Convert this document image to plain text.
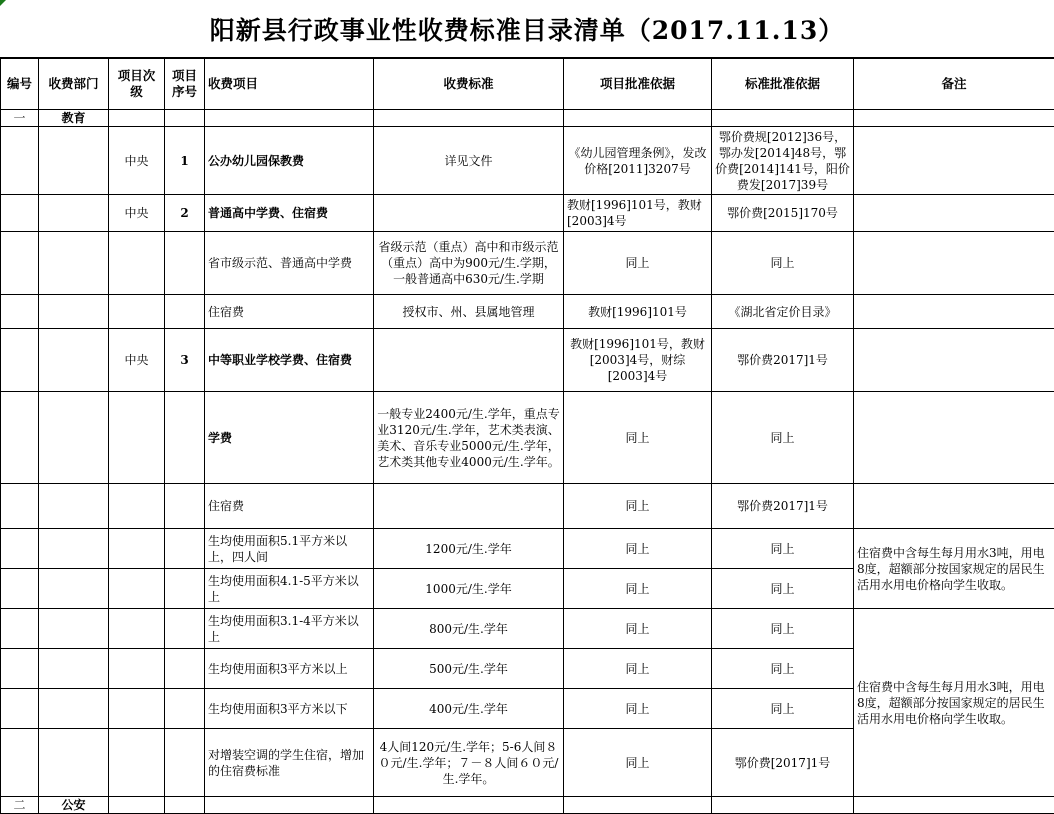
阳新县行政事业性收费标准目录清单（2017.11.13）
编号	收费部门	项目次级	项目序号	收费项目	收费标准	项目批准依据	标准批准依据	备注
一	教育							
		中央	1	公办幼儿园保教费	详见文件	《幼儿园管理条例》，发改价格[2011]3207号	鄂价费规[2012]36号，鄂办发[2014]48号，鄂价费[2014]141号，阳价费发[2017]39号	
		中央	2	普通高中学费、住宿费		教财[1996]101号，教财[2003]4号	鄂价费[2015]170号	
				省市级示范、普通高中学费	省级示范（重点）高中和市级示范（重点）高中为900元/生.学期，一般普通高中630元/生.学期	同上	同上	
				住宿费	授权市、州、县属地管理	教财[1996]101号	《湖北省定价目录》	
		中央	3	中等职业学校学费、住宿费		教财[1996]101号，教财[2003]4号，财综[2003]4号	鄂价费2017]1号	
				学费	一般专业2400元/生.学年，重点专业3120元/生.学年，艺术类表演、美术、音乐专业5000元/生.学年，艺术类其他专业4000元/生.学年。	同上	同上	
				住宿费		同上	鄂价费2017]1号	
				生均使用面积5.1平方米以上，四人间	1200元/生.学年	同上	同上	住宿费中含每生每月用水3吨，用电8度，超额部分按国家规定的居民生活用水用电价格向学生收取。
				生均使用面积4.1-5平方米以上	1000元/生.学年	同上	同上	
				生均使用面积3.1-4平方米以上	800元/生.学年	同上	同上	住宿费中含每生每月用水3吨，用电8度，超额部分按国家规定的居民生活用水用电价格向学生收取。
				生均使用面积3平方米以上	500元/生.学年	同上	同上	
				生均使用面积3平方米以下	400元/生.学年	同上	同上	
				对增装空调的学生住宿，增加的住宿费标准	4人间120元/生.学年；5-6人间８０元/生.学年；７－８人间６０元/生.学年。	同上	鄂价费[2017]1号	
二	公安							
